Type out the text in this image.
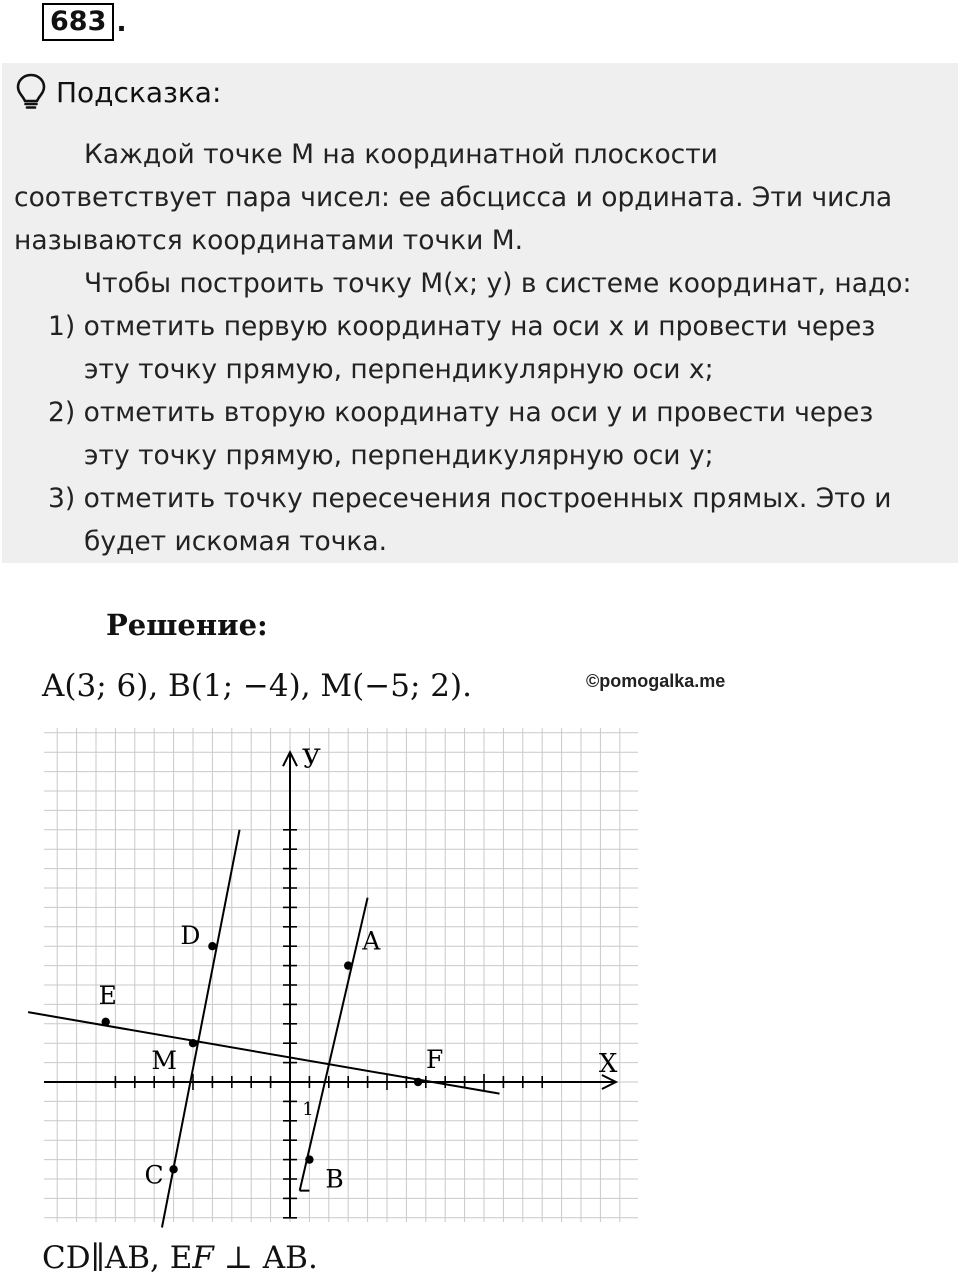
683 .
Подсказка:
Каждой точке М на координатной плоскости
соответствует пара чисел: ее абсцисса и ордината. Эти числа
называются координатами точки М.
Чтобы построить точку М(x; y) в системе координат, надо:
1) отметить первую координату на оси x и провести через
эту точку прямую, перпендикулярную оси x;
2) отметить вторую координату на оси y и провести через
эту точку прямую, перпендикулярную оси y;
3) отметить точку пересечения построенных прямых. Это и
будет искомая точка.
Решение:
A(3; 6), B(1; −4), M(−5; 2).	©pomogalka.me
X
У
1
A
B
M
D
C
E
F
CD∥AB, EF ⊥ AB.
